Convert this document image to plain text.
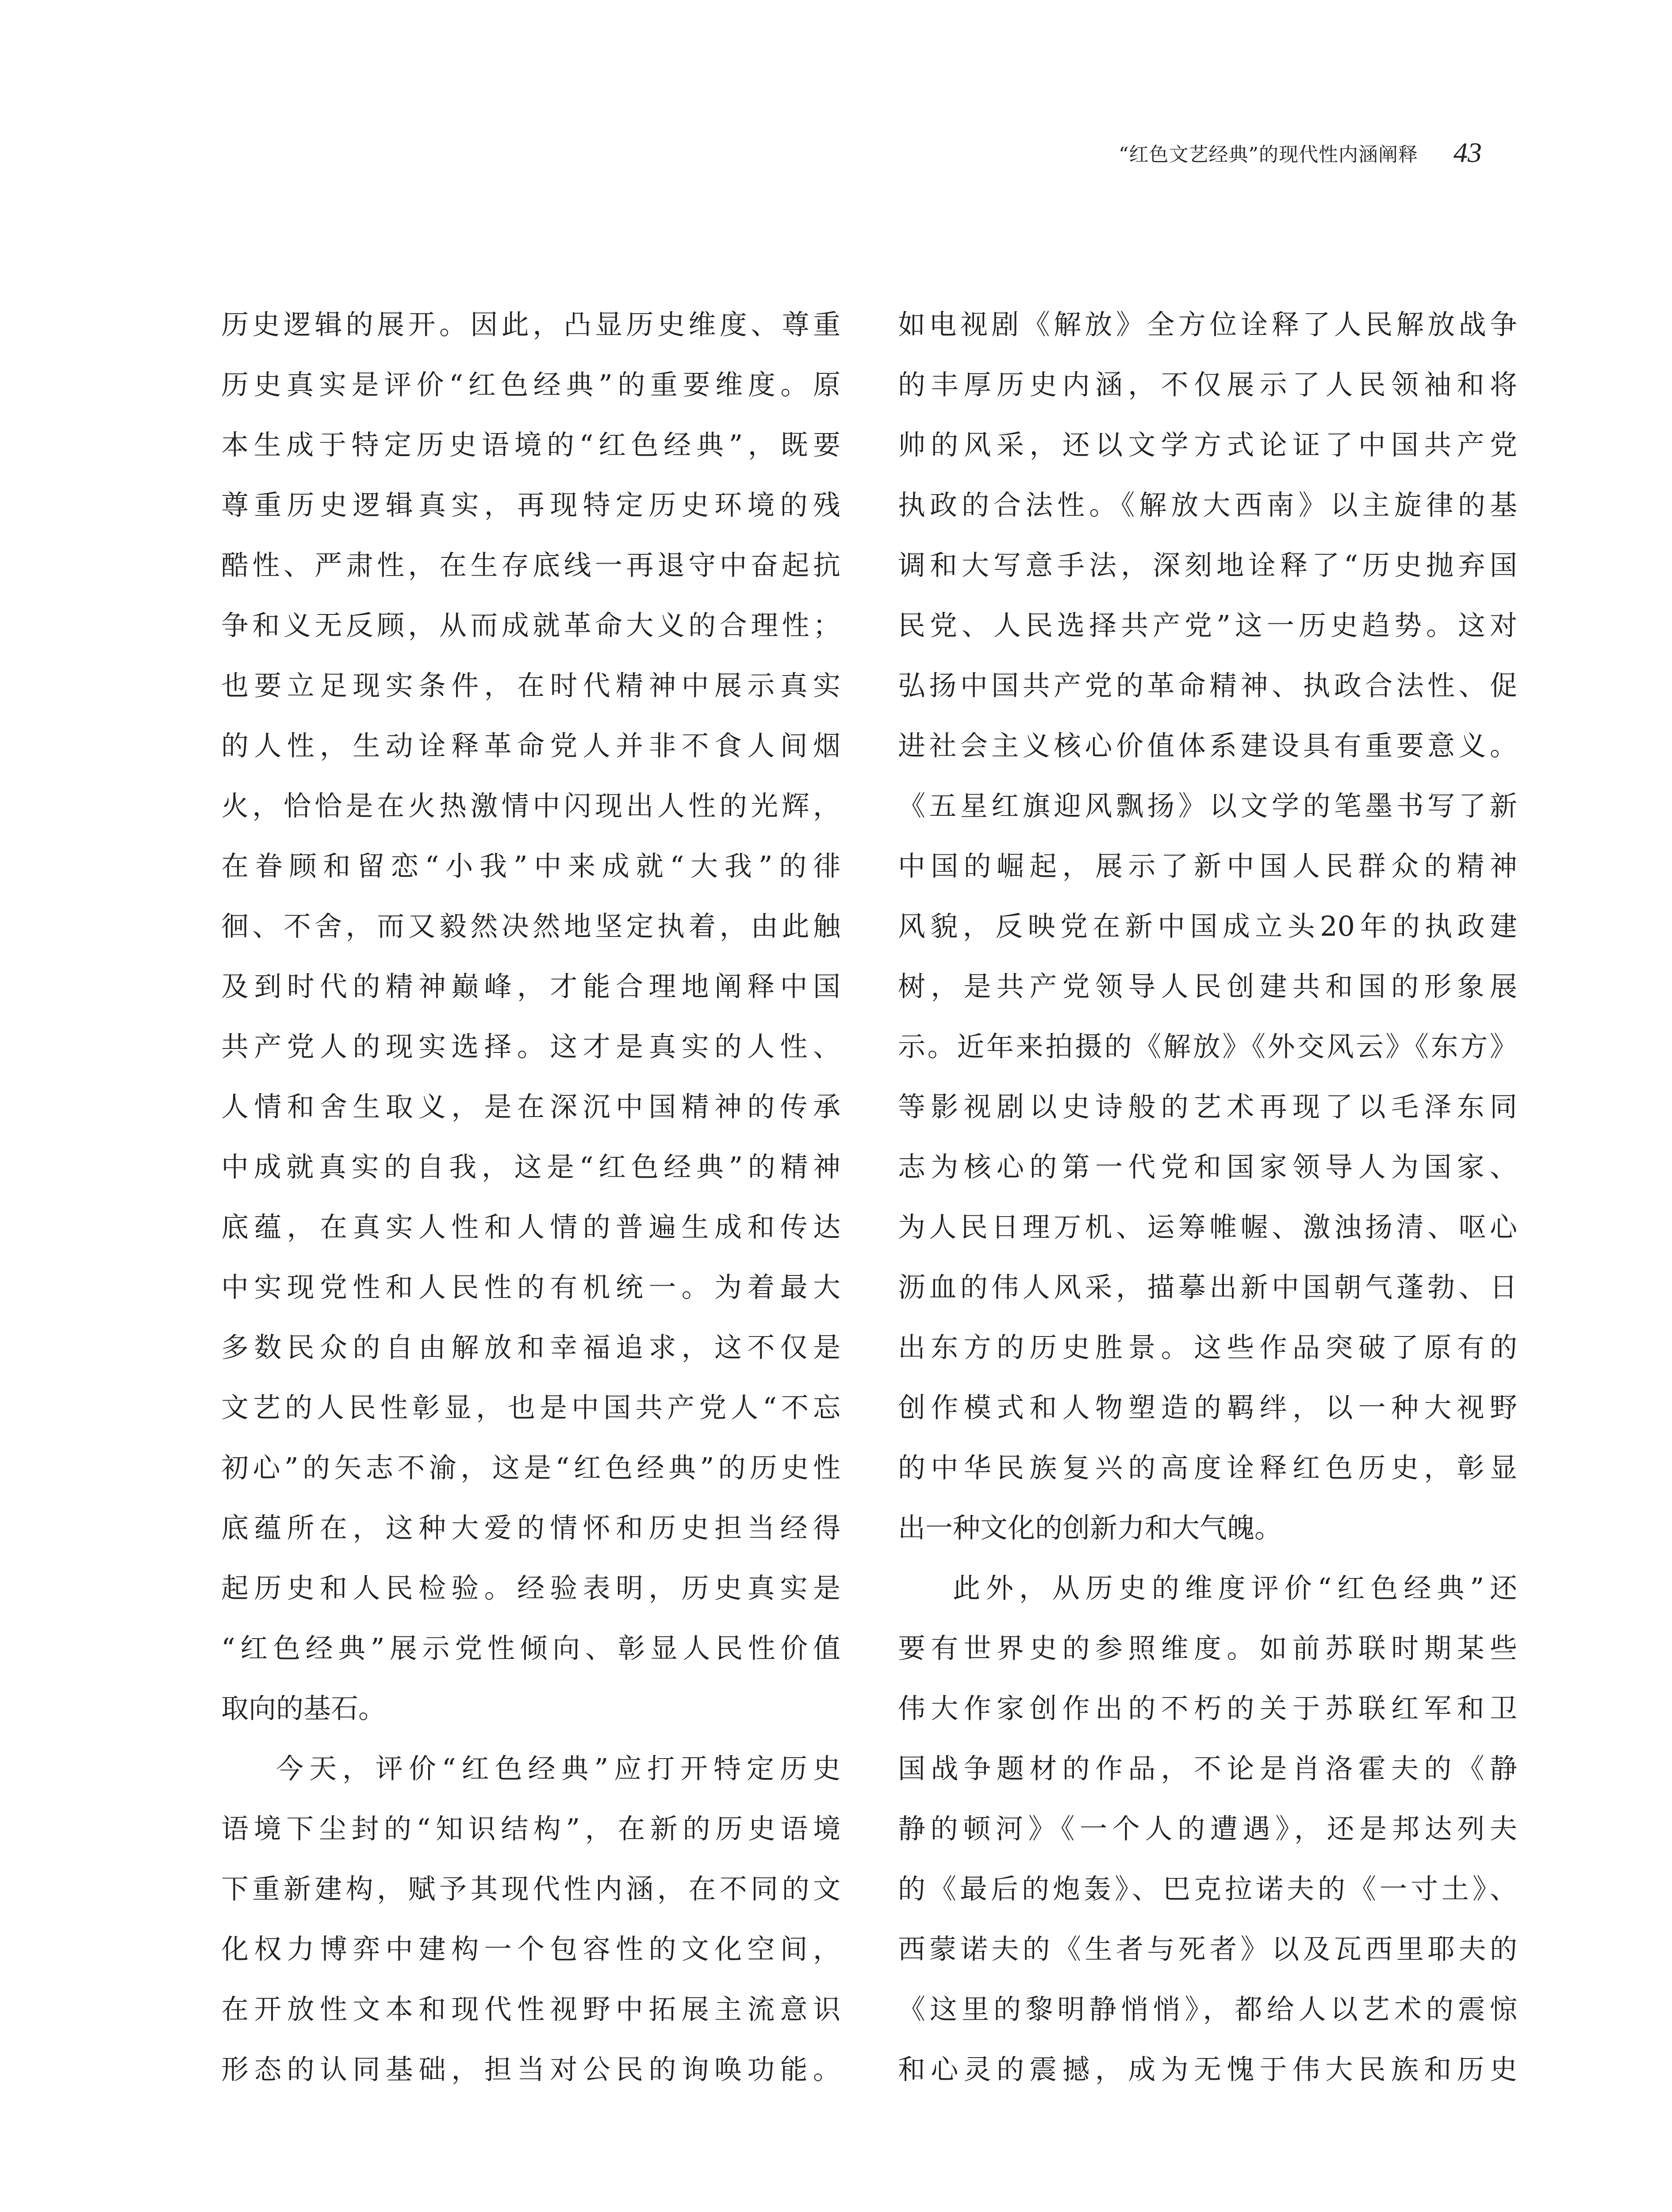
“红色文艺经典”的现代性内涵阐释 43
历史逻辑的展开。因此，凸显历史维度、尊重
历史真实是评价“红色经典”的重要维度。原
本生成于特定历史语境的“红色经典”，既要
尊重历史逻辑真实，再现特定历史环境的残
酷性、严肃性，在生存底线一再退守中奋起抗
争和义无反顾，从而成就革命大义的合理性；
也要立足现实条件，在时代精神中展示真实
的人性，生动诠释革命党人并非不食人间烟
火，恰恰是在火热激情中闪现出人性的光辉，
在眷顾和留恋“小我”中来成就“大我”的徘
徊、不舍，而又毅然决然地坚定执着，由此触
及到时代的精神巅峰，才能合理地阐释中国
共产党人的现实选择。这才是真实的人性、
人情和舍生取义，是在深沉中国精神的传承
中成就真实的自我，这是“红色经典”的精神
底蕴，在真实人性和人情的普遍生成和传达
中实现党性和人民性的有机统一。为着最大
多数民众的自由解放和幸福追求，这不仅是
文艺的人民性彰显，也是中国共产党人“不忘
初心”的矢志不渝，这是“红色经典”的历史性
底蕴所在，这种大爱的情怀和历史担当经得
起历史和人民检验。经验表明，历史真实是
“红色经典”展示党性倾向、彰显人民性价值
取向的基石。
今天，评价“红色经典”应打开特定历史
语境下尘封的“知识结构”，在新的历史语境
下重新建构，赋予其现代性内涵，在不同的文
化权力博弈中建构一个包容性的文化空间，
在开放性文本和现代性视野中拓展主流意识
形态的认同基础，担当对公民的询唤功能。
如电视剧《解放》全方位诠释了人民解放战争
的丰厚历史内涵，不仅展示了人民领袖和将
帅的风采，还以文学方式论证了中国共产党
执政的合法性。《解放大西南》以主旋律的基
调和大写意手法，深刻地诠释了“历史抛弃国
民党、人民选择共产党”这一历史趋势。这对
弘扬中国共产党的革命精神、执政合法性、促
进社会主义核心价值体系建设具有重要意义。
《五星红旗迎风飘扬》以文学的笔墨书写了新
中国的崛起，展示了新中国人民群众的精神
风貌，反映党在新中国成立头20年的执政建
树，是共产党领导人民创建共和国的形象展
示。近年来拍摄的《解放》《外交风云》《东方》
等影视剧以史诗般的艺术再现了以毛泽东同
志为核心的第一代党和国家领导人为国家、
为人民日理万机、运筹帷幄、激浊扬清、呕心
沥血的伟人风采，描摹出新中国朝气蓬勃、日
出东方的历史胜景。这些作品突破了原有的
创作模式和人物塑造的羁绊，以一种大视野
的中华民族复兴的高度诠释红色历史，彰显
出一种文化的创新力和大气魄。
此外，从历史的维度评价“红色经典”还
要有世界史的参照维度。如前苏联时期某些
伟大作家创作出的不朽的关于苏联红军和卫
国战争题材的作品，不论是肖洛霍夫的《静
静的顿河》《一个人的遭遇》，还是邦达列夫
的《最后的炮轰》、巴克拉诺夫的《一寸土》、
西蒙诺夫的《生者与死者》以及瓦西里耶夫的
《这里的黎明静悄悄》，都给人以艺术的震惊
和心灵的震撼，成为无愧于伟大民族和历史
